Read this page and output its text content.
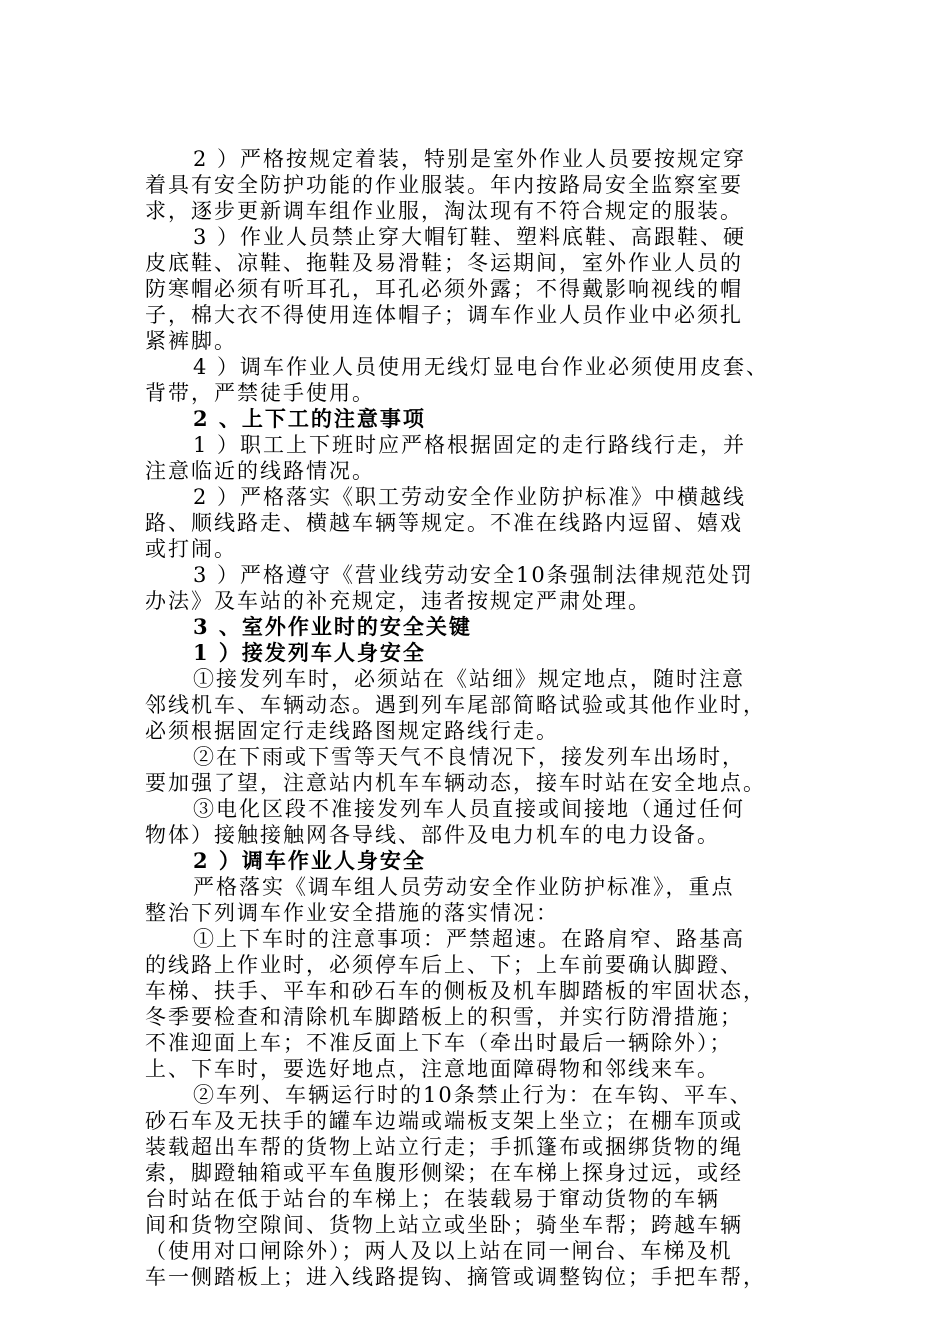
2 ）严格按规定着装，特别是室外作业人员要按规定穿
着具有安全防护功能的作业服装。年内按路局安全监察室要
求，逐步更新调车组作业服，淘汰现有不符合规定的服装。
3 ）作业人员禁止穿大帽钉鞋、塑料底鞋、高跟鞋、硬
皮底鞋、凉鞋、拖鞋及易滑鞋；冬运期间，室外作业人员的
防寒帽必须有听耳孔，耳孔必须外露；不得戴影响视线的帽
子，棉大衣不得使用连体帽子；调车作业人员作业中必须扎
紧裤脚。
4 ）调车作业人员使用无线灯显电台作业必须使用皮套、
背带，严禁徒手使用。
2 、上下工的注意事项
1 ）职工上下班时应严格根据固定的走行路线行走，并
注意临近的线路情况。
2 ）严格落实《职工劳动安全作业防护标准》中横越线
路、顺线路走、横越车辆等规定。不准在线路内逗留、嬉戏
或打闹。
3 ）严格遵守《营业线劳动安全10条强制法律规范处罚
办法》及车站的补充规定，违者按规定严肃处理。
3 、室外作业时的安全关键
1 ）接发列车人身安全
①接发列车时，必须站在《站细》规定地点，随时注意
邻线机车、车辆动态。遇到列车尾部简略试验或其他作业时，
必须根据固定行走线路图规定路线行走。
②在下雨或下雪等天气不良情况下，接发列车出场时，
要加强了望，注意站内机车车辆动态，接车时站在安全地点。
③电化区段不准接发列车人员直接或间接地（通过任何
物体）接触接触网各导线、部件及电力机车的电力设备。
2 ）调车作业人身安全
严格落实《调车组人员劳动安全作业防护标准》，重点
整治下列调车作业安全措施的落实情况：
①上下车时的注意事项：严禁超速。在路肩窄、路基高
的线路上作业时，必须停车后上、下；上车前要确认脚蹬、
车梯、扶手、平车和砂石车的侧板及机车脚踏板的牢固状态，
冬季要检查和清除机车脚踏板上的积雪，并实行防滑措施；
不准迎面上车；不准反面上下车（牵出时最后一辆除外）；
上、下车时，要选好地点，注意地面障碍物和邻线来车。
②车列、车辆运行时的10条禁止行为：在车钩、平车、
砂石车及无扶手的罐车边端或端板支架上坐立；在棚车顶或
装载超出车帮的货物上站立行走；手抓篷布或捆绑货物的绳
索，脚蹬轴箱或平车鱼腹形侧梁；在车梯上探身过远，或经
台时站在低于站台的车梯上；在装载易于窜动货物的车辆
间和货物空隙间、货物上站立或坐卧；骑坐车帮；跨越车辆
（使用对口闸除外）；两人及以上站在同一闸台、车梯及机
车一侧踏板上；进入线路提钩、摘管或调整钩位；手把车帮，
